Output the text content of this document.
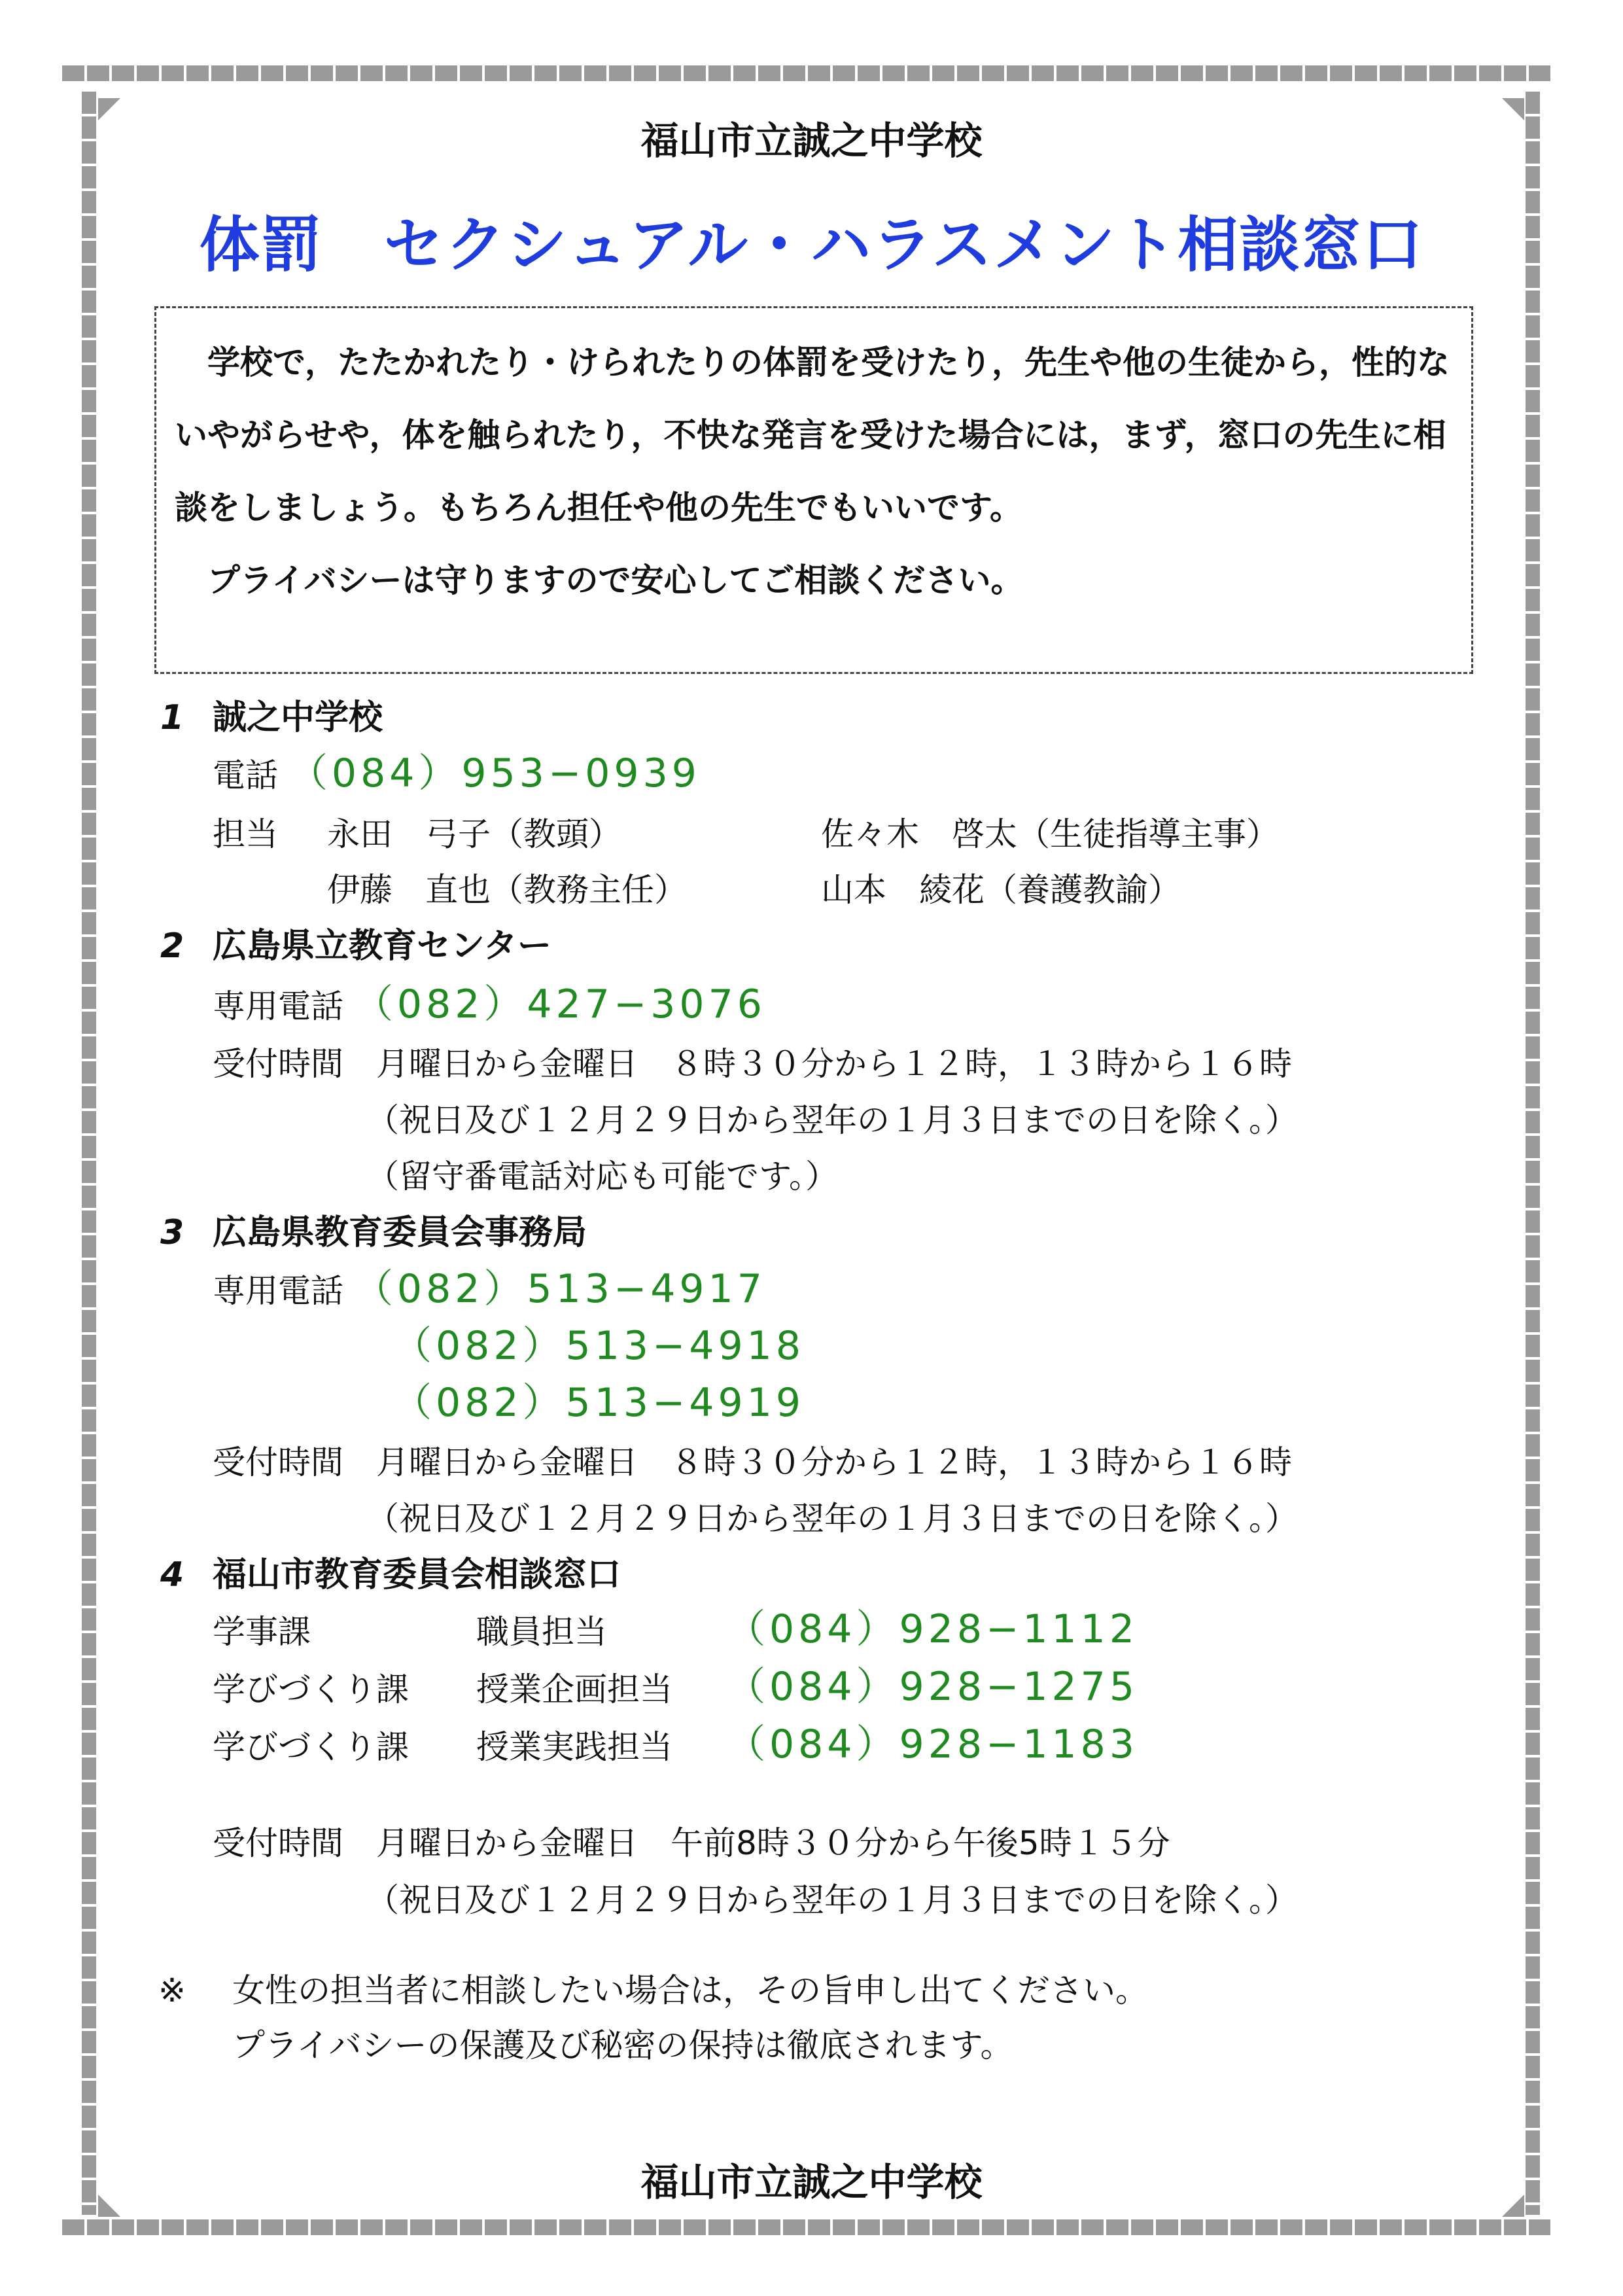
福山市立誠之中学校
体罰　セクシュアル・ハラスメント相談窓口

学校で，たたかれたり・けられたりの体罰を受けたり，先生や他の生徒から，性的ないやがらせや，体を触られたり，不快な発言を受けた場合には，まず，窓口の先生に相談をしましょう。もちろん担任や他の先生でもいいです。

プライバシーは守りますので安心してご相談ください。

1 誠之中学校
電話 （084）953−0939
担当 永田　弓子（教頭）	佐々木　啓太（生徒指導主事）
伊藤　直也（教務主任）	山本　綾花（養護教諭）
2 広島県立教育センター
専用電話 （082）427−3076
受付時間　月曜日から金曜日　８時３０分から１２時，１３時から１６時
（祝日及び１２月２９日から翌年の１月３日までの日を除く。）
（留守番電話対応も可能です。）
3 広島県教育委員会事務局
専用電話 （082）513−4917
（082）513−4918
（082）513−4919
受付時間　月曜日から金曜日　８時３０分から１２時，１３時から１６時
（祝日及び１２月２９日から翌年の１月３日までの日を除く。）
4 福山市教育委員会相談窓口
学事課	職員担当	（084）928−1112
学びづくり課 授業企画担当 （084）928−1275
学びづくり課 授業実践担当 （084）928−1183
受付時間　月曜日から金曜日　午前8時３０分から午後5時１５分
（祝日及び１２月２９日から翌年の１月３日までの日を除く。）
※ 女性の担当者に相談したい場合は，その旨申し出てください。
プライバシーの保護及び秘密の保持は徹底されます。
福山市立誠之中学校
